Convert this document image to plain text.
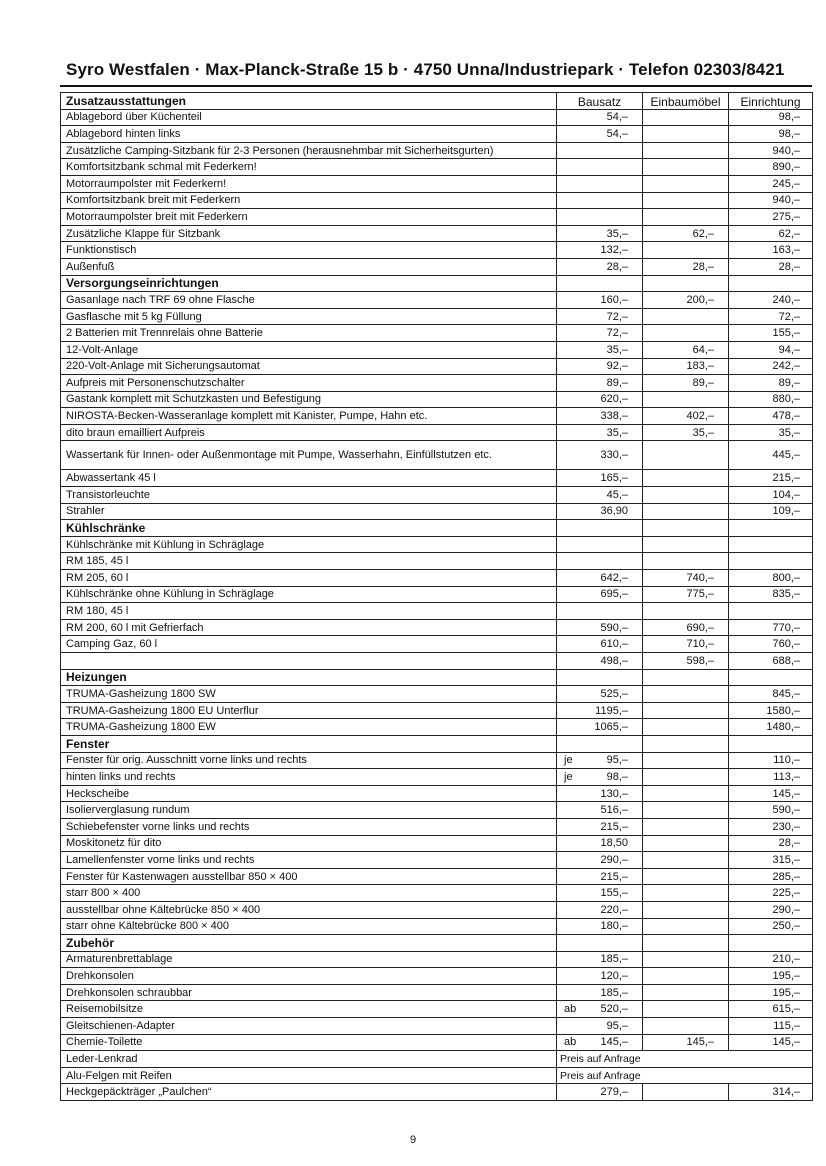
Syro Westfalen · Max-Planck-Straße 15 b · 4750 Unna/Industriepark · Telefon 02303/8421
Zusatzausstattungen	Bausatz	Einbaumöbel	Einrichtung
Ablagebord über Küchenteil	54,–		98,–
Ablagebord hinten links	54,–		98,–
Zusätzliche Camping-Sitzbank für 2-3 Personen (herausnehmbar mit Sicherheitsgurten)			940,–
Komfortsitzbank schmal mit Federkern!			890,–
Motorraumpolster mit Federkern!			245,–
Komfortsitzbank breit mit Federkern			940,–
Motorraumpolster breit mit Federkern			275,–
Zusätzliche Klappe für Sitzbank	35,–	62,–	62,–
Funktionstisch	132,–		163,–
Außenfuß	28,–	28,–	28,–
Versorgungseinrichtungen			
Gasanlage nach TRF 69 ohne Flasche	160,–	200,–	240,–
Gasflasche mit 5 kg Füllung	72,–		72,–
2 Batterien mit Trennrelais ohne Batterie	72,–		155,–
12-Volt-Anlage	35,–	64,–	94,–
220-Volt-Anlage mit Sicherungsautomat	92,–	183,–	242,–
Aufpreis mit Personenschutzschalter	89,–	89,–	89,–
Gastank komplett mit Schutzkasten und Befestigung	620,–		880,–
NIROSTA-Becken-Wasseranlage komplett mit Kanister, Pumpe, Hahn etc.	338,–	402,–	478,–
dito braun emailliert Aufpreis	35,–	35,–	35,–
Wassertank für Innen- oder Außenmontage mit Pumpe, Wasserhahn, Einfüllstutzen etc.	330,–		445,–
Abwassertank 45 l	165,–		215,–
Transistorleuchte	45,–		104,–
Strahler	36,90		109,–
Kühlschränke			
Kühlschränke mit Kühlung in Schräglage			
RM 185, 45 l			
RM 205, 60 l	642,–	740,–	800,–
Kühlschränke ohne Kühlung in Schräglage	695,–	775,–	835,–
RM 180, 45 l			
RM 200, 60 l mit Gefrierfach	590,–	690,–	770,–
Camping Gaz, 60 l	610,–	710,–	760,–
	498,–	598,–	688,–
Heizungen			
TRUMA-Gasheizung 1800 SW	525,–		845,–
TRUMA-Gasheizung 1800 EU Unterflur	1195,–		1580,–
TRUMA-Gasheizung 1800 EW	1065,–		1480,–
Fenster			
Fenster für orig. Ausschnitt vorne links und rechts	je 95,–		110,–
hinten links und rechts	je 98,–		113,–
Heckscheibe	130,–		145,–
Isolierverglasung rundum	516,–		590,–
Schiebefenster vorne links und rechts	215,–		230,–
Moskitonetz für dito	18,50		28,–
Lamellenfenster vorne links und rechts	290,–		315,–
Fenster für Kastenwagen ausstellbar 850 × 400	215,–		285,–
starr 800 × 400	155,–		225,–
ausstellbar ohne Kältebrücke 850 × 400	220,–		290,–
starr ohne Kältebrücke 800 × 400	180,–		250,–
Zubehör			
Armaturenbrettablage	185,–		210,–
Drehkonsolen	120,–		195,–
Drehkonsolen schraubbar	185,–		195,–
Reisemobilsitze	ab 520,–		615,–
Gleitschienen-Adapter	95,–		115,–
Chemie-Toilette	ab 145,–	145,–	145,–
Leder-Lenkrad	Preis auf Anfrage		
Alu-Felgen mit Reifen	Preis auf Anfrage		
Heckgepäckträger „Paulchen“	279,–		314,–
9
